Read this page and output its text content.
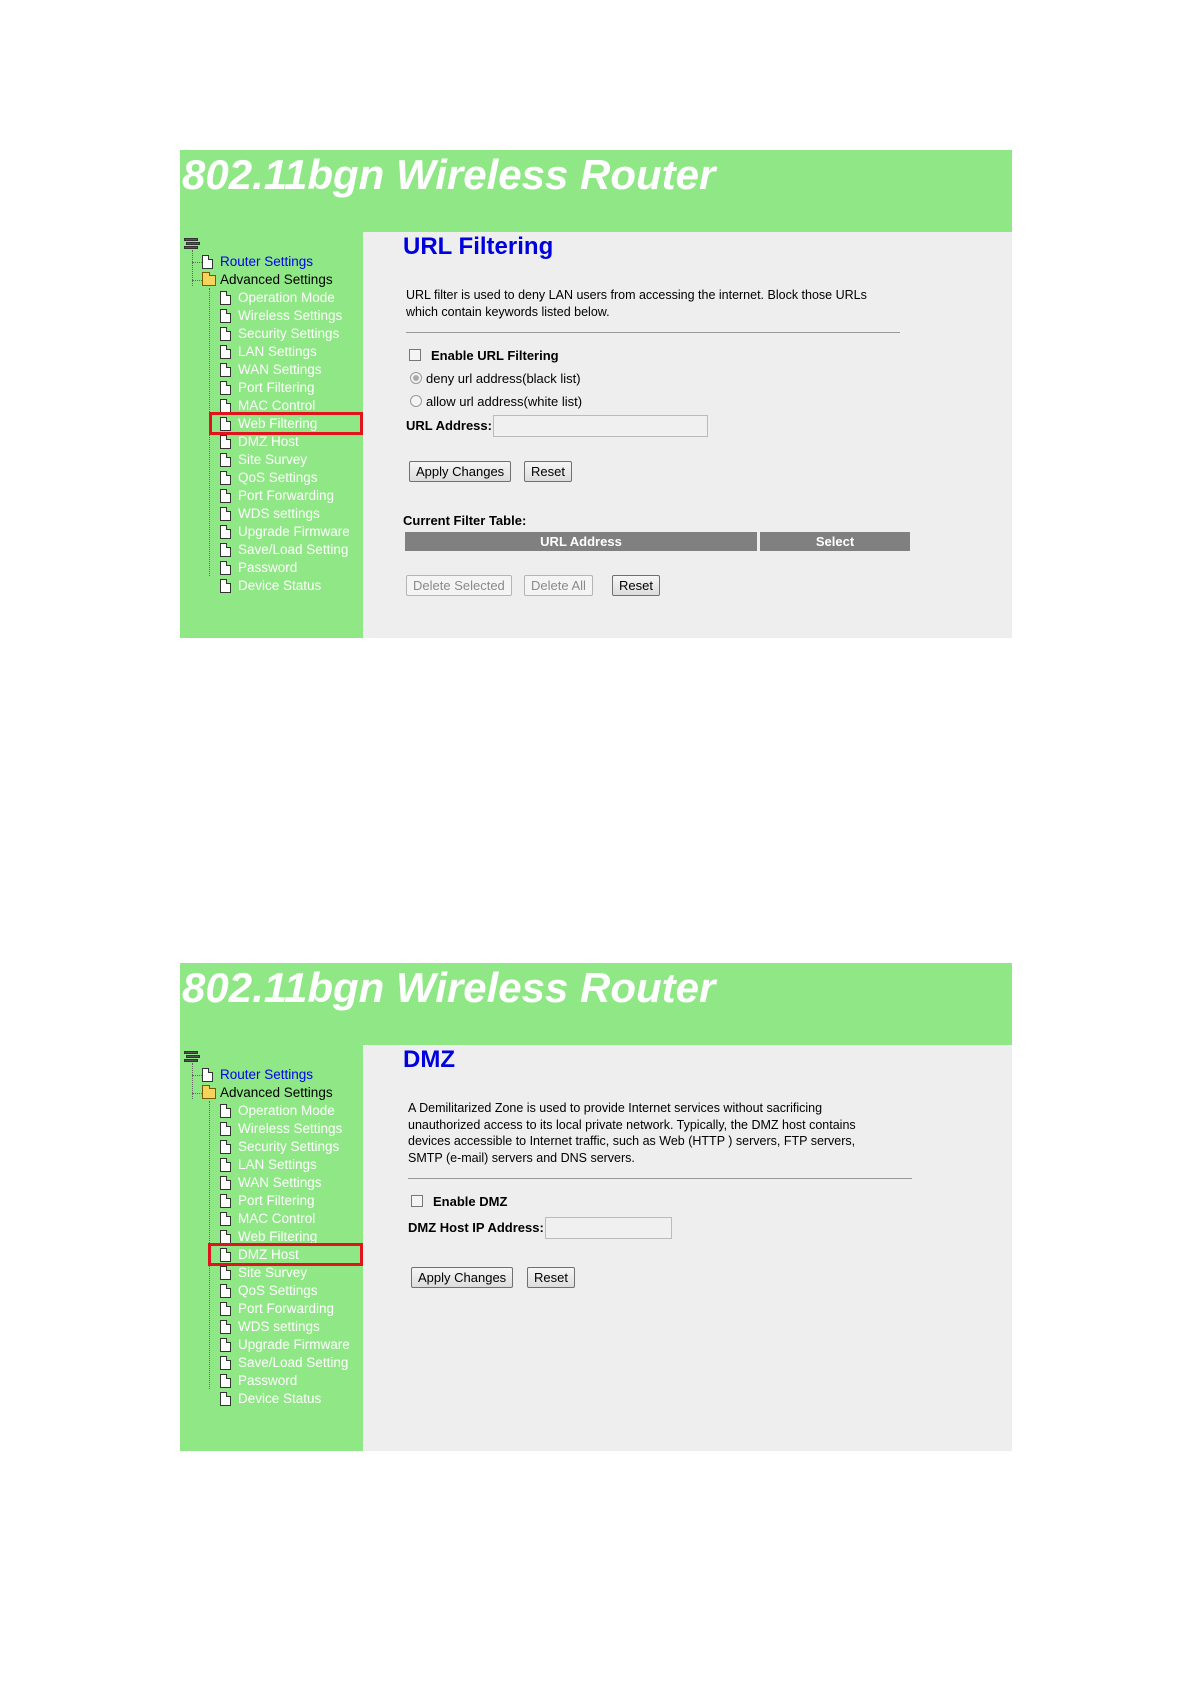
802.11bgn Wireless Router
Router Settings
Advanced Settings
Operation Mode
Wireless Settings
Security Settings
LAN Settings
WAN Settings
Port Filtering
MAC Control
Web Filtering
DMZ Host
Site Survey
QoS Settings
Port Forwarding
WDS settings
Upgrade Firmware
Save/Load Setting
Password
Device Status
URL Filtering
URL filter is used to deny LAN users from accessing the internet. Block those URLs
which contain keywords listed below.
Enable URL Filtering
deny url address(black list)
allow url address(white list)
URL Address:
Apply Changes	Reset
Current Filter Table:
URL Address	Select
Delete Selected	Delete All	Reset
802.11bgn Wireless Router
Router Settings
Advanced Settings
Operation Mode
Wireless Settings
Security Settings
LAN Settings
WAN Settings
Port Filtering
MAC Control
Web Filtering
DMZ Host
Site Survey
QoS Settings
Port Forwarding
WDS settings
Upgrade Firmware
Save/Load Setting
Password
Device Status
DMZ
A Demilitarized Zone is used to provide Internet services without sacrificing
unauthorized access to its local private network. Typically, the DMZ host contains
devices accessible to Internet traffic, such as Web (HTTP ) servers, FTP servers,
SMTP (e-mail) servers and DNS servers.
Enable DMZ
DMZ Host IP Address:
Apply Changes	Reset
